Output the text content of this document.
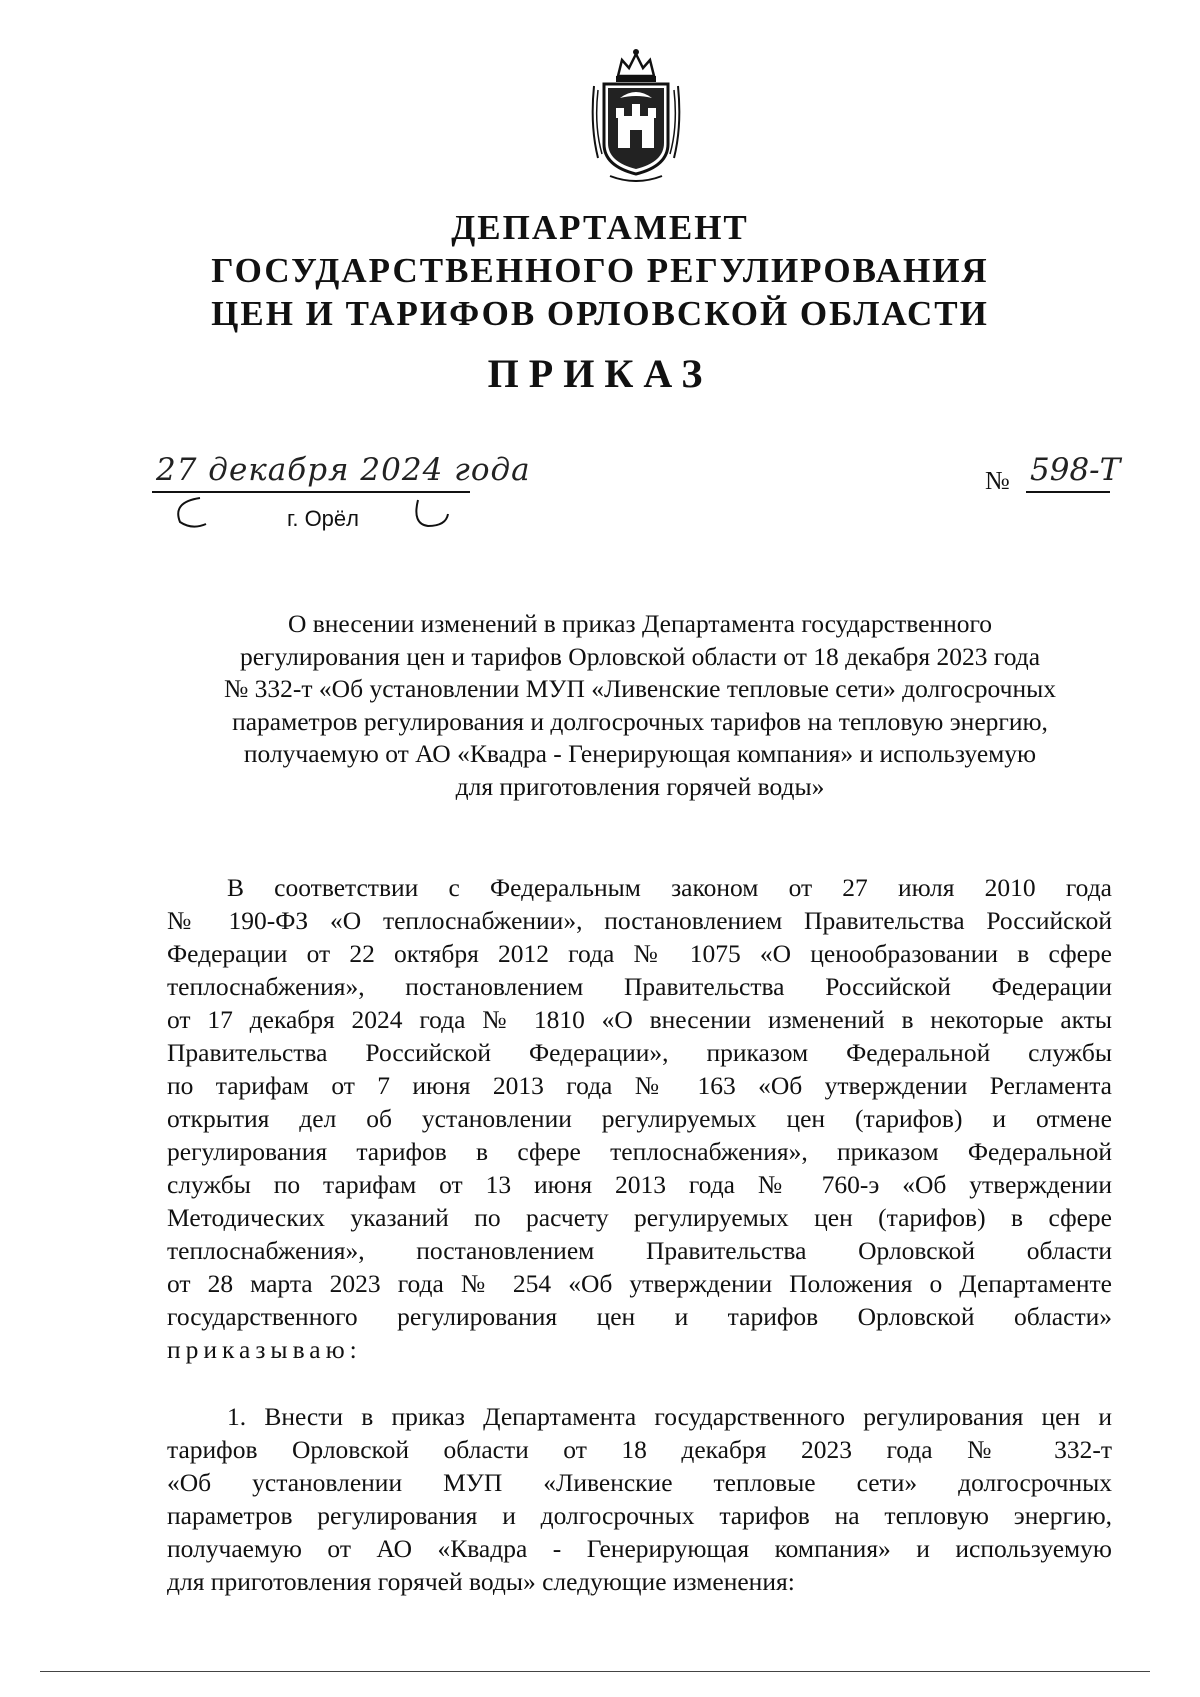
ДЕПАРТАМЕНТ
ГОСУДАРСТВЕННОГО РЕГУЛИРОВАНИЯ
ЦЕН И ТАРИФОВ ОРЛОВСКОЙ ОБЛАСТИ
ПРИКАЗ
27 декабря 2024 года
г. Орёл
№ 598-Т
О внесении изменений в приказ Департамента государственного
регулирования цен и тарифов Орловской области от 18 декабря 2023 года
№ 332-т «Об установлении МУП «Ливенские тепловые сети» долгосрочных
параметров регулирования и долгосрочных тарифов на тепловую энергию,
получаемую от АО «Квадра - Генерирующая компания» и используемую
для приготовления горячей воды»
В соответствии с Федеральным законом от 27 июля 2010 года
№ 190-ФЗ «О теплоснабжении», постановлением Правительства Российской
Федерации от 22 октября 2012 года № 1075 «О ценообразовании в сфере
теплоснабжения», постановлением Правительства Российской Федерации
от 17 декабря 2024 года № 1810 «О внесении изменений в некоторые акты
Правительства Российской Федерации», приказом Федеральной службы
по тарифам от 7 июня 2013 года № 163 «Об утверждении Регламента
открытия дел об установлении регулируемых цен (тарифов) и отмене
регулирования тарифов в сфере теплоснабжения», приказом Федеральной
службы по тарифам от 13 июня 2013 года № 760-э «Об утверждении
Методических указаний по расчету регулируемых цен (тарифов) в сфере
теплоснабжения», постановлением Правительства Орловской области
от 28 марта 2023 года № 254 «Об утверждении Положения о Департаменте
государственного регулирования цен и тарифов Орловской области»
приказываю:
1. Внести в приказ Департамента государственного регулирования цен и
тарифов Орловской области от 18 декабря 2023 года № 332-т
«Об установлении МУП «Ливенские тепловые сети» долгосрочных
параметров регулирования и долгосрочных тарифов на тепловую энергию,
получаемую от АО «Квадра - Генерирующая компания» и используемую
для приготовления горячей воды» следующие изменения:
